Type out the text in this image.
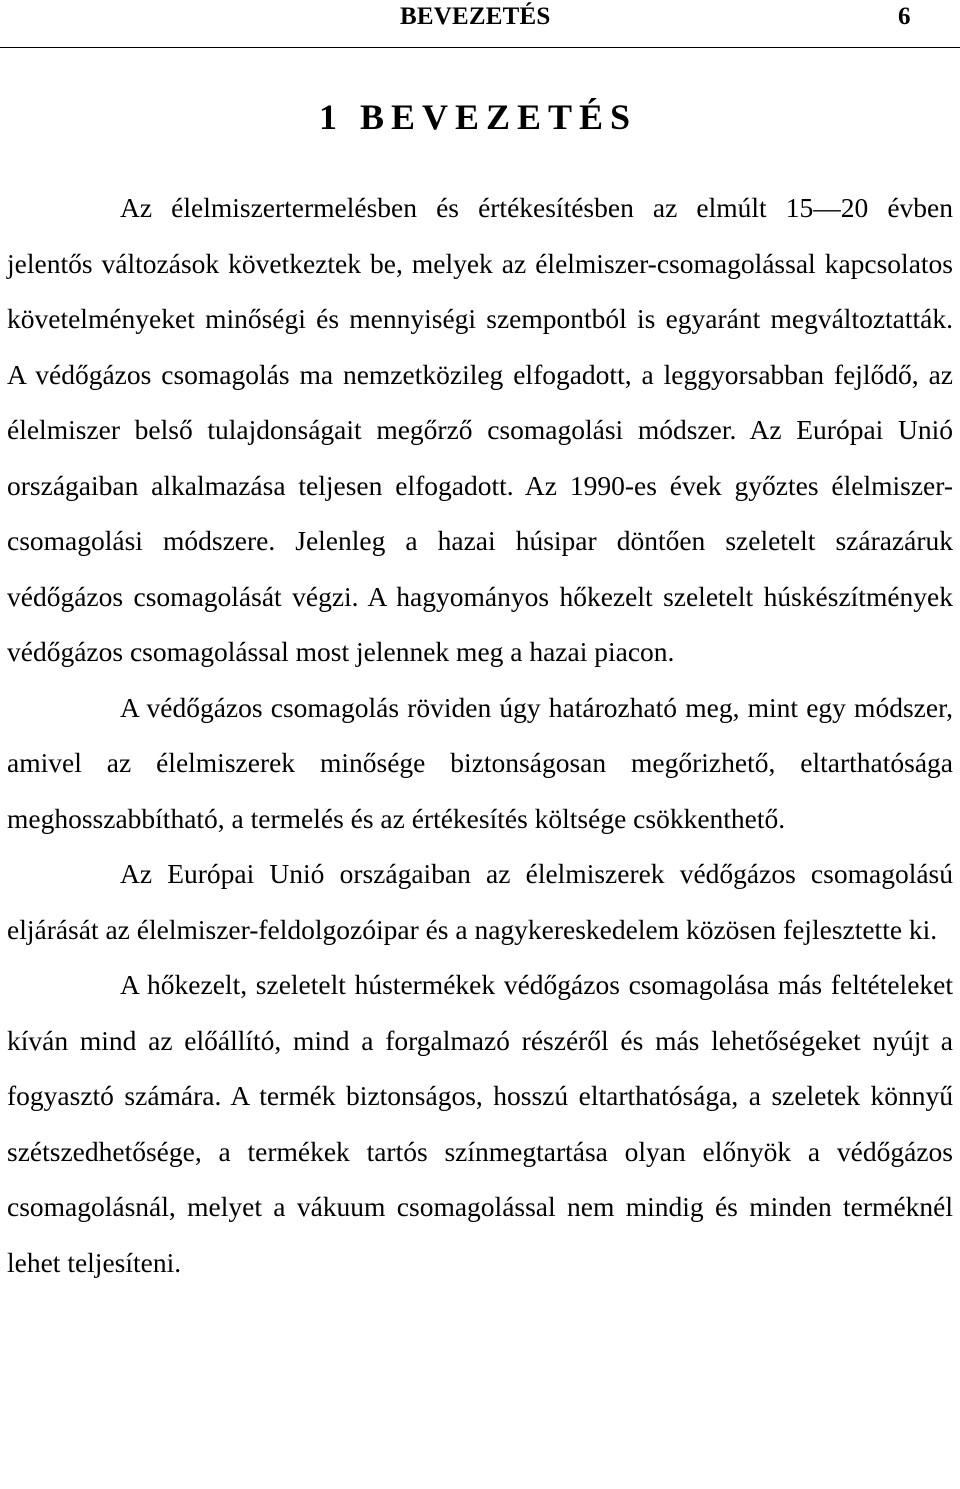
BEVEZETÉS	6
1 BEVEZETÉS

Az élelmiszertermelésben és értékesítésben az elmúlt 15—20 évben jelentős változások következtek be, melyek az élelmiszer-csomagolással kapcsolatos követelményeket minőségi és mennyiségi szempontból is egyaránt megváltoztatták. A védőgázos csomagolás ma nemzetközileg elfogadott, a leggyorsabban fejlődő, az élelmiszer belső tulajdonságait megőrző csomagolási módszer. Az Európai Unió országaiban alkalmazása teljesen elfogadott. Az 1990-es évek győztes élelmiszer-csomagolási módszere. Jelenleg a hazai húsipar döntően szeletelt szárazáruk védőgázos csomagolását végzi. A hagyományos hőkezelt szeletelt húskészítmények védőgázos csomagolással most jelennek meg a hazai piacon.

A védőgázos csomagolás röviden úgy határozható meg, mint egy módszer, amivel az élelmiszerek minősége biztonságosan megőrizhető, eltarthatósága meghosszabbítható, a termelés és az értékesítés költsége csökkenthető.

Az Európai Unió országaiban az élelmiszerek védőgázos csomagolású eljárását az élelmiszer-feldolgozóipar és a nagykereskedelem közösen fejlesztette ki.

A hőkezelt, szeletelt hústermékek védőgázos csomagolása más feltételeket kíván mind az előállító, mind a forgalmazó részéről és más lehetőségeket nyújt a fogyasztó számára. A termék biztonságos, hosszú eltarthatósága, a szeletek könnyű szétszedhetősége, a termékek tartós színmegtartása olyan előnyök a védőgázos csomagolásnál, melyet a vákuum csomagolással nem mindig és minden terméknél lehet teljesíteni.
